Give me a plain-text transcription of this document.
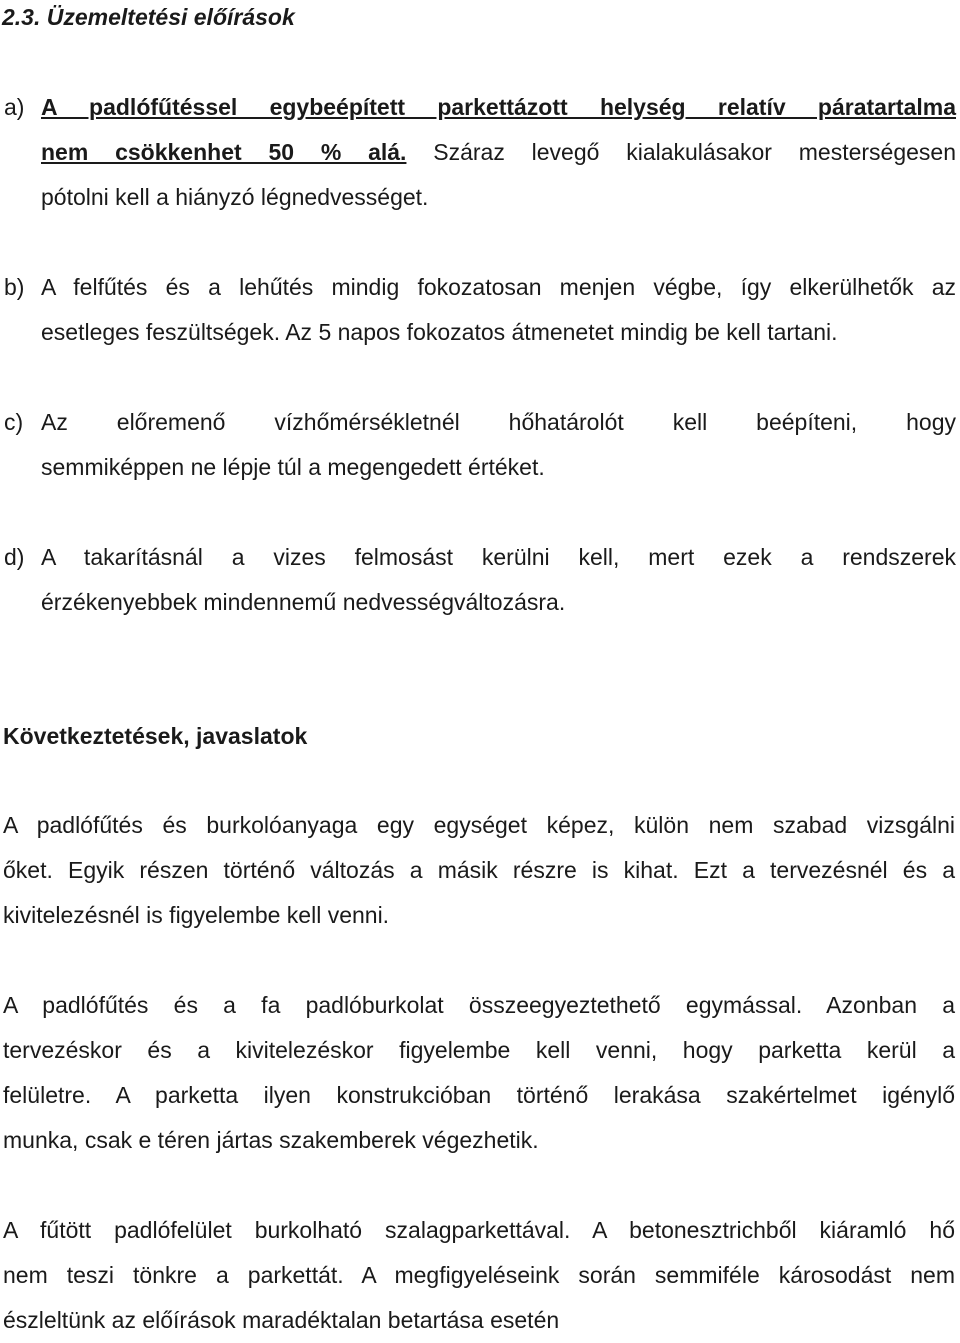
2.3. Üzemeltetési előírások
a) A padlófűtéssel egybeépített parkettázott helység relatív páratartalma
nem csökkenhet 50 % alá. Száraz levegő kialakulásakor mesterségesen
pótolni kell a hiányzó légnedvességet.
b) A felfűtés és a lehűtés mindig fokozatosan menjen végbe, így elkerülhetők az
esetleges feszültségek. Az 5 napos fokozatos átmenetet mindig be kell tartani.
c) Az előremenő vízhőmérsékletnél hőhatárolót kell beépíteni, hogy
semmiképpen ne lépje túl a megengedett értéket.
d) A takarításnál a vizes felmosást kerülni kell, mert ezek a rendszerek
érzékenyebbek mindennemű nedvességváltozásra.
Következtetések, javaslatok

A padlófűtés és burkolóanyaga egy egységet képez, külön nem szabad vizsgálni
őket. Egyik részen történő változás a másik részre is kihat. Ezt a tervezésnél és a
kivitelezésnél is figyelembe kell venni.

A padlófűtés és a fa padlóburkolat összeegyeztethető egymással. Azonban a
tervezéskor és a kivitelezéskor figyelembe kell venni, hogy parketta kerül a
felületre. A parketta ilyen konstrukcióban történő lerakása szakértelmet igénylő
munka, csak e téren jártas szakemberek végezhetik.

A fűtött padlófelület burkolható szalagparkettával. A betonesztrichből kiáramló hő
nem teszi tönkre a parkettát. A megfigyeléseink során semmiféle károsodást nem
észleltünk az előírások maradéktalan betartása esetén
